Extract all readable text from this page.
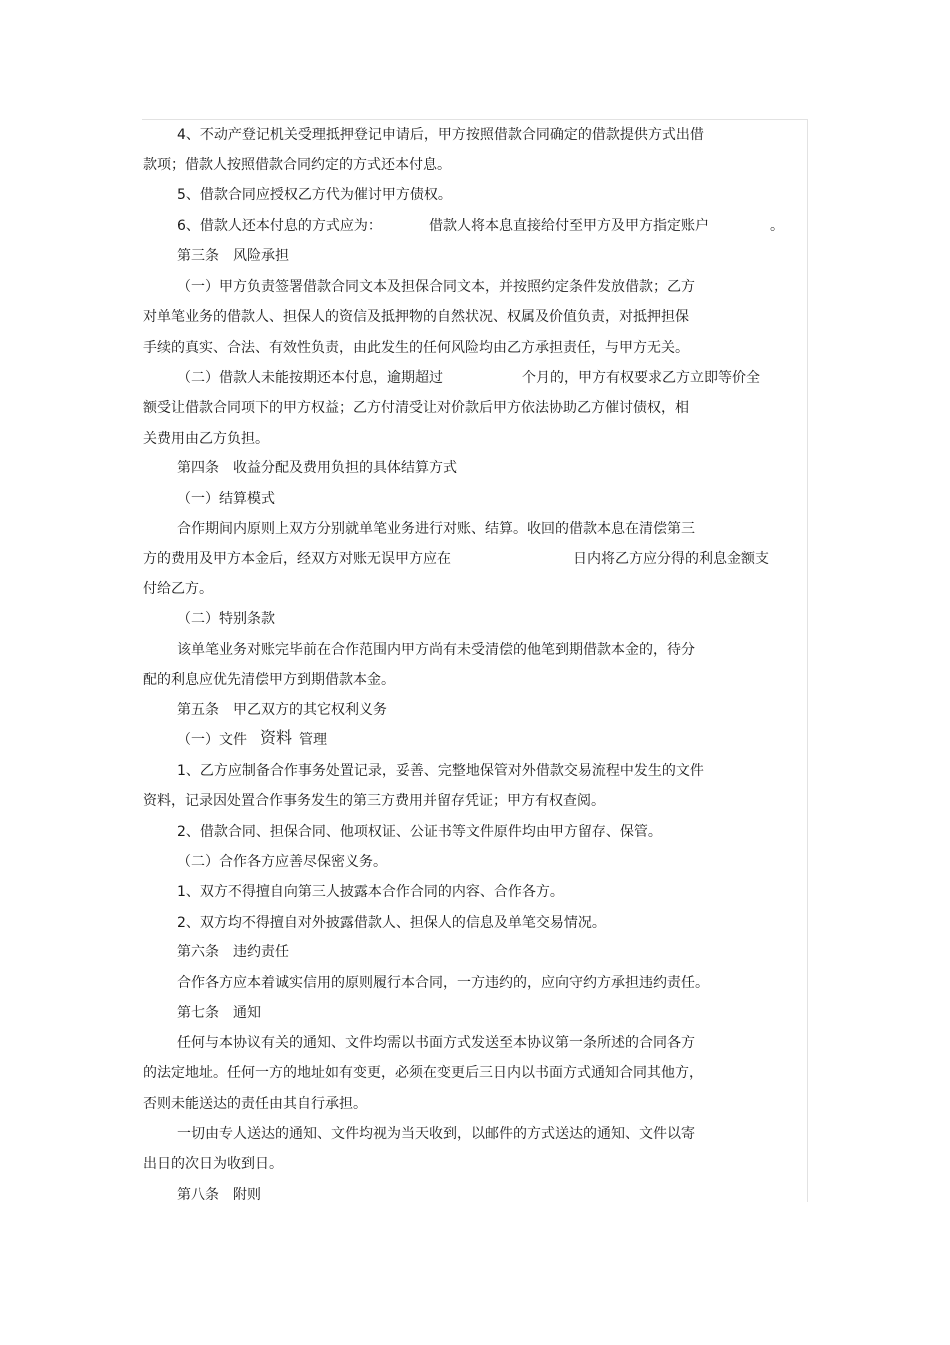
4、不动产登记机关受理抵押登记申请后，甲方按照借款合同确定的借款提供方式出借

款项；借款人按照借款合同约定的方式还本付息。

5、借款合同应授权乙方代为催讨甲方债权。

6、借款人还本付息的方式应为：	借款人将本息直接给付至甲方及甲方指定账户	。

第三条　风险承担

（一）甲方负责签署借款合同文本及担保合同文本，并按照约定条件发放借款；乙方

对单笔业务的借款人、担保人的资信及抵押物的自然状况、权属及价值负责，对抵押担保

手续的真实、合法、有效性负责，由此发生的任何风险均由乙方承担责任，与甲方无关。

（二）借款人未能按期还本付息，逾期超过	个月的，甲方有权要求乙方立即等价全

额受让借款合同项下的甲方权益；乙方付清受让对价款后甲方依法协助乙方催讨债权，相

关费用由乙方负担。

第四条　收益分配及费用负担的具体结算方式

（一）结算模式

合作期间内原则上双方分别就单笔业务进行对账、结算。收回的借款本息在清偿第三

方的费用及甲方本金后，经双方对账无误甲方应在	日内将乙方应分得的利息金额支

付给乙方。

（二）特别条款

该单笔业务对账完毕前在合作范围内甲方尚有未受清偿的他笔到期借款本金的，待分

配的利息应优先清偿甲方到期借款本金。

第五条　甲乙双方的其它权利义务

（一）文件 资料 管理

1、乙方应制备合作事务处置记录，妥善、完整地保管对外借款交易流程中发生的文件

资料，记录因处置合作事务发生的第三方费用并留存凭证；甲方有权查阅。

2、借款合同、担保合同、他项权证、公证书等文件原件均由甲方留存、保管。

（二）合作各方应善尽保密义务。

1、双方不得擅自向第三人披露本合作合同的内容、合作各方。

2、双方均不得擅自对外披露借款人、担保人的信息及单笔交易情况。

第六条　违约责任

合作各方应本着诚实信用的原则履行本合同，一方违约的，应向守约方承担违约责任。

第七条　通知

任何与本协议有关的通知、文件均需以书面方式发送至本协议第一条所述的合同各方

的法定地址。任何一方的地址如有变更，必须在变更后三日内以书面方式通知合同其他方，

否则未能送达的责任由其自行承担。

一切由专人送达的通知、文件均视为当天收到，以邮件的方式送达的通知、文件以寄

出日的次日为收到日。

第八条　附则
